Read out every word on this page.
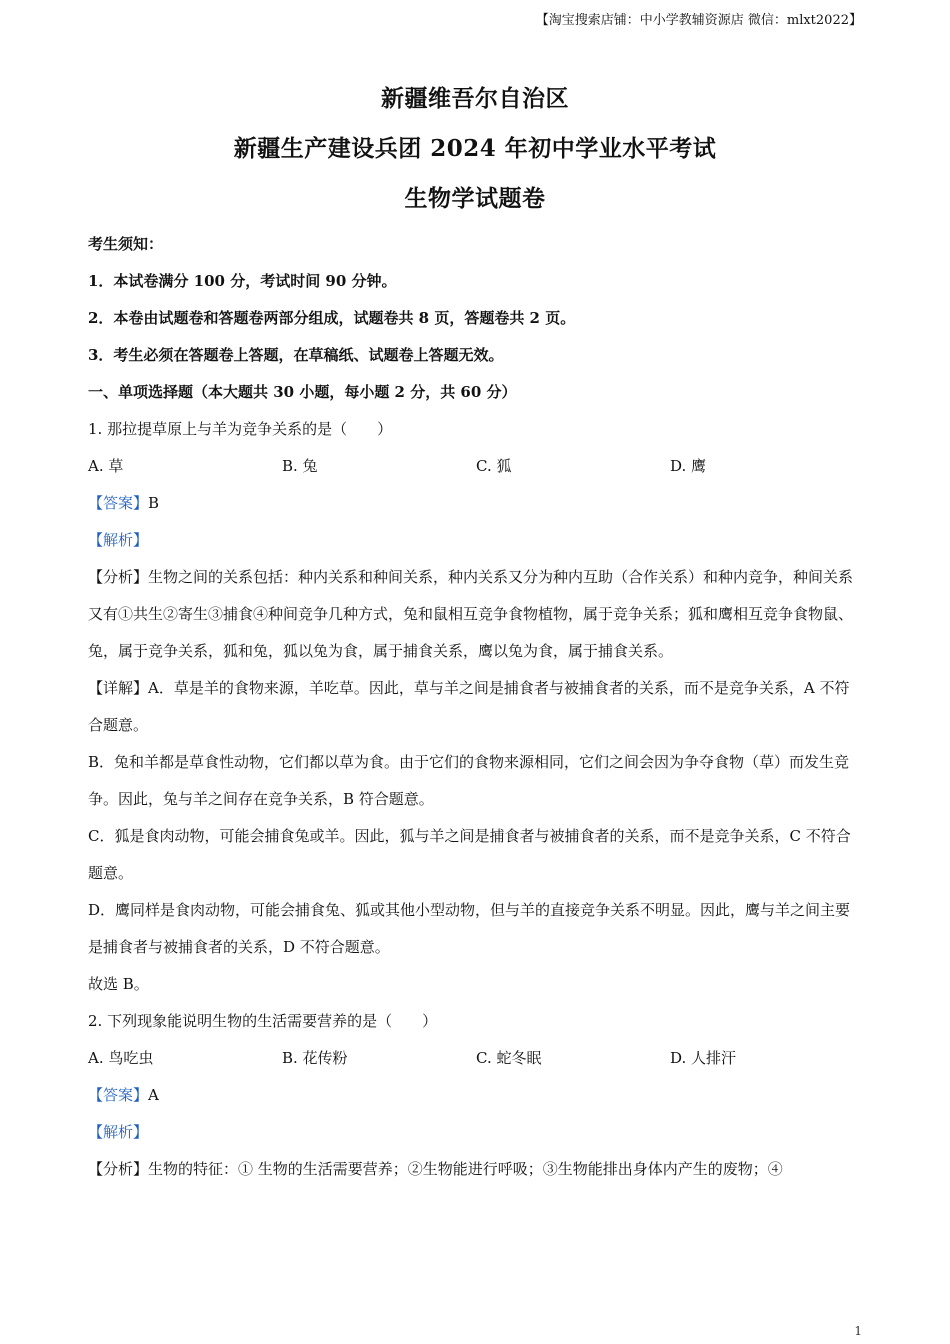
【淘宝搜索店铺：中小学教辅资源店 微信：mlxt2022】
新疆维吾尔自治区
新疆生产建设兵团 2024 年初中学业水平考试
生物学试题卷
考生须知：
1．本试卷满分 100 分，考试时间 90 分钟。
2．本卷由试题卷和答题卷两部分组成，试题卷共 8 页，答题卷共 2 页。
3．考生必须在答题卷上答题，在草稿纸、试题卷上答题无效。
一、单项选择题（本大题共 30 小题，每小题 2 分，共 60 分）
1. 那拉提草原上与羊为竞争关系的是（　　）
A. 草	B. 兔	C. 狐	D. 鹰
【答案】B
【解析】
【分析】生物之间的关系包括：种内关系和种间关系，种内关系又分为种内互助（合作关系）和种内竞争，种间关系又有①共生②寄生③捕食④种间竞争几种方式，兔和鼠相互竞争食物植物，属于竞争关系；狐和鹰相互竞争食物鼠、兔，属于竞争关系，狐和兔，狐以兔为食，属于捕食关系，鹰以兔为食，属于捕食关系。
【详解】A．草是羊的食物来源，羊吃草。因此，草与羊之间是捕食者与被捕食者的关系，而不是竞争关系，A 不符合题意。
B．兔和羊都是草食性动物，它们都以草为食。由于它们的食物来源相同，它们之间会因为争夺食物（草）而发生竞争。因此，兔与羊之间存在竞争关系，B 符合题意。
C．狐是食肉动物，可能会捕食兔或羊。因此，狐与羊之间是捕食者与被捕食者的关系，而不是竞争关系，C 不符合题意。
D．鹰同样是食肉动物，可能会捕食兔、狐或其他小型动物，但与羊的直接竞争关系不明显。因此，鹰与羊之间主要是捕食者与被捕食者的关系，D 不符合题意。
故选 B。
2. 下列现象能说明生物的生活需要营养的是（　　）
A. 鸟吃虫	B. 花传粉	C. 蛇冬眠	D. 人排汗
【答案】A
【解析】
【分析】生物的特征：① 生物的生活需要营养；②生物能进行呼吸；③生物能排出身体内产生的废物；④
1
